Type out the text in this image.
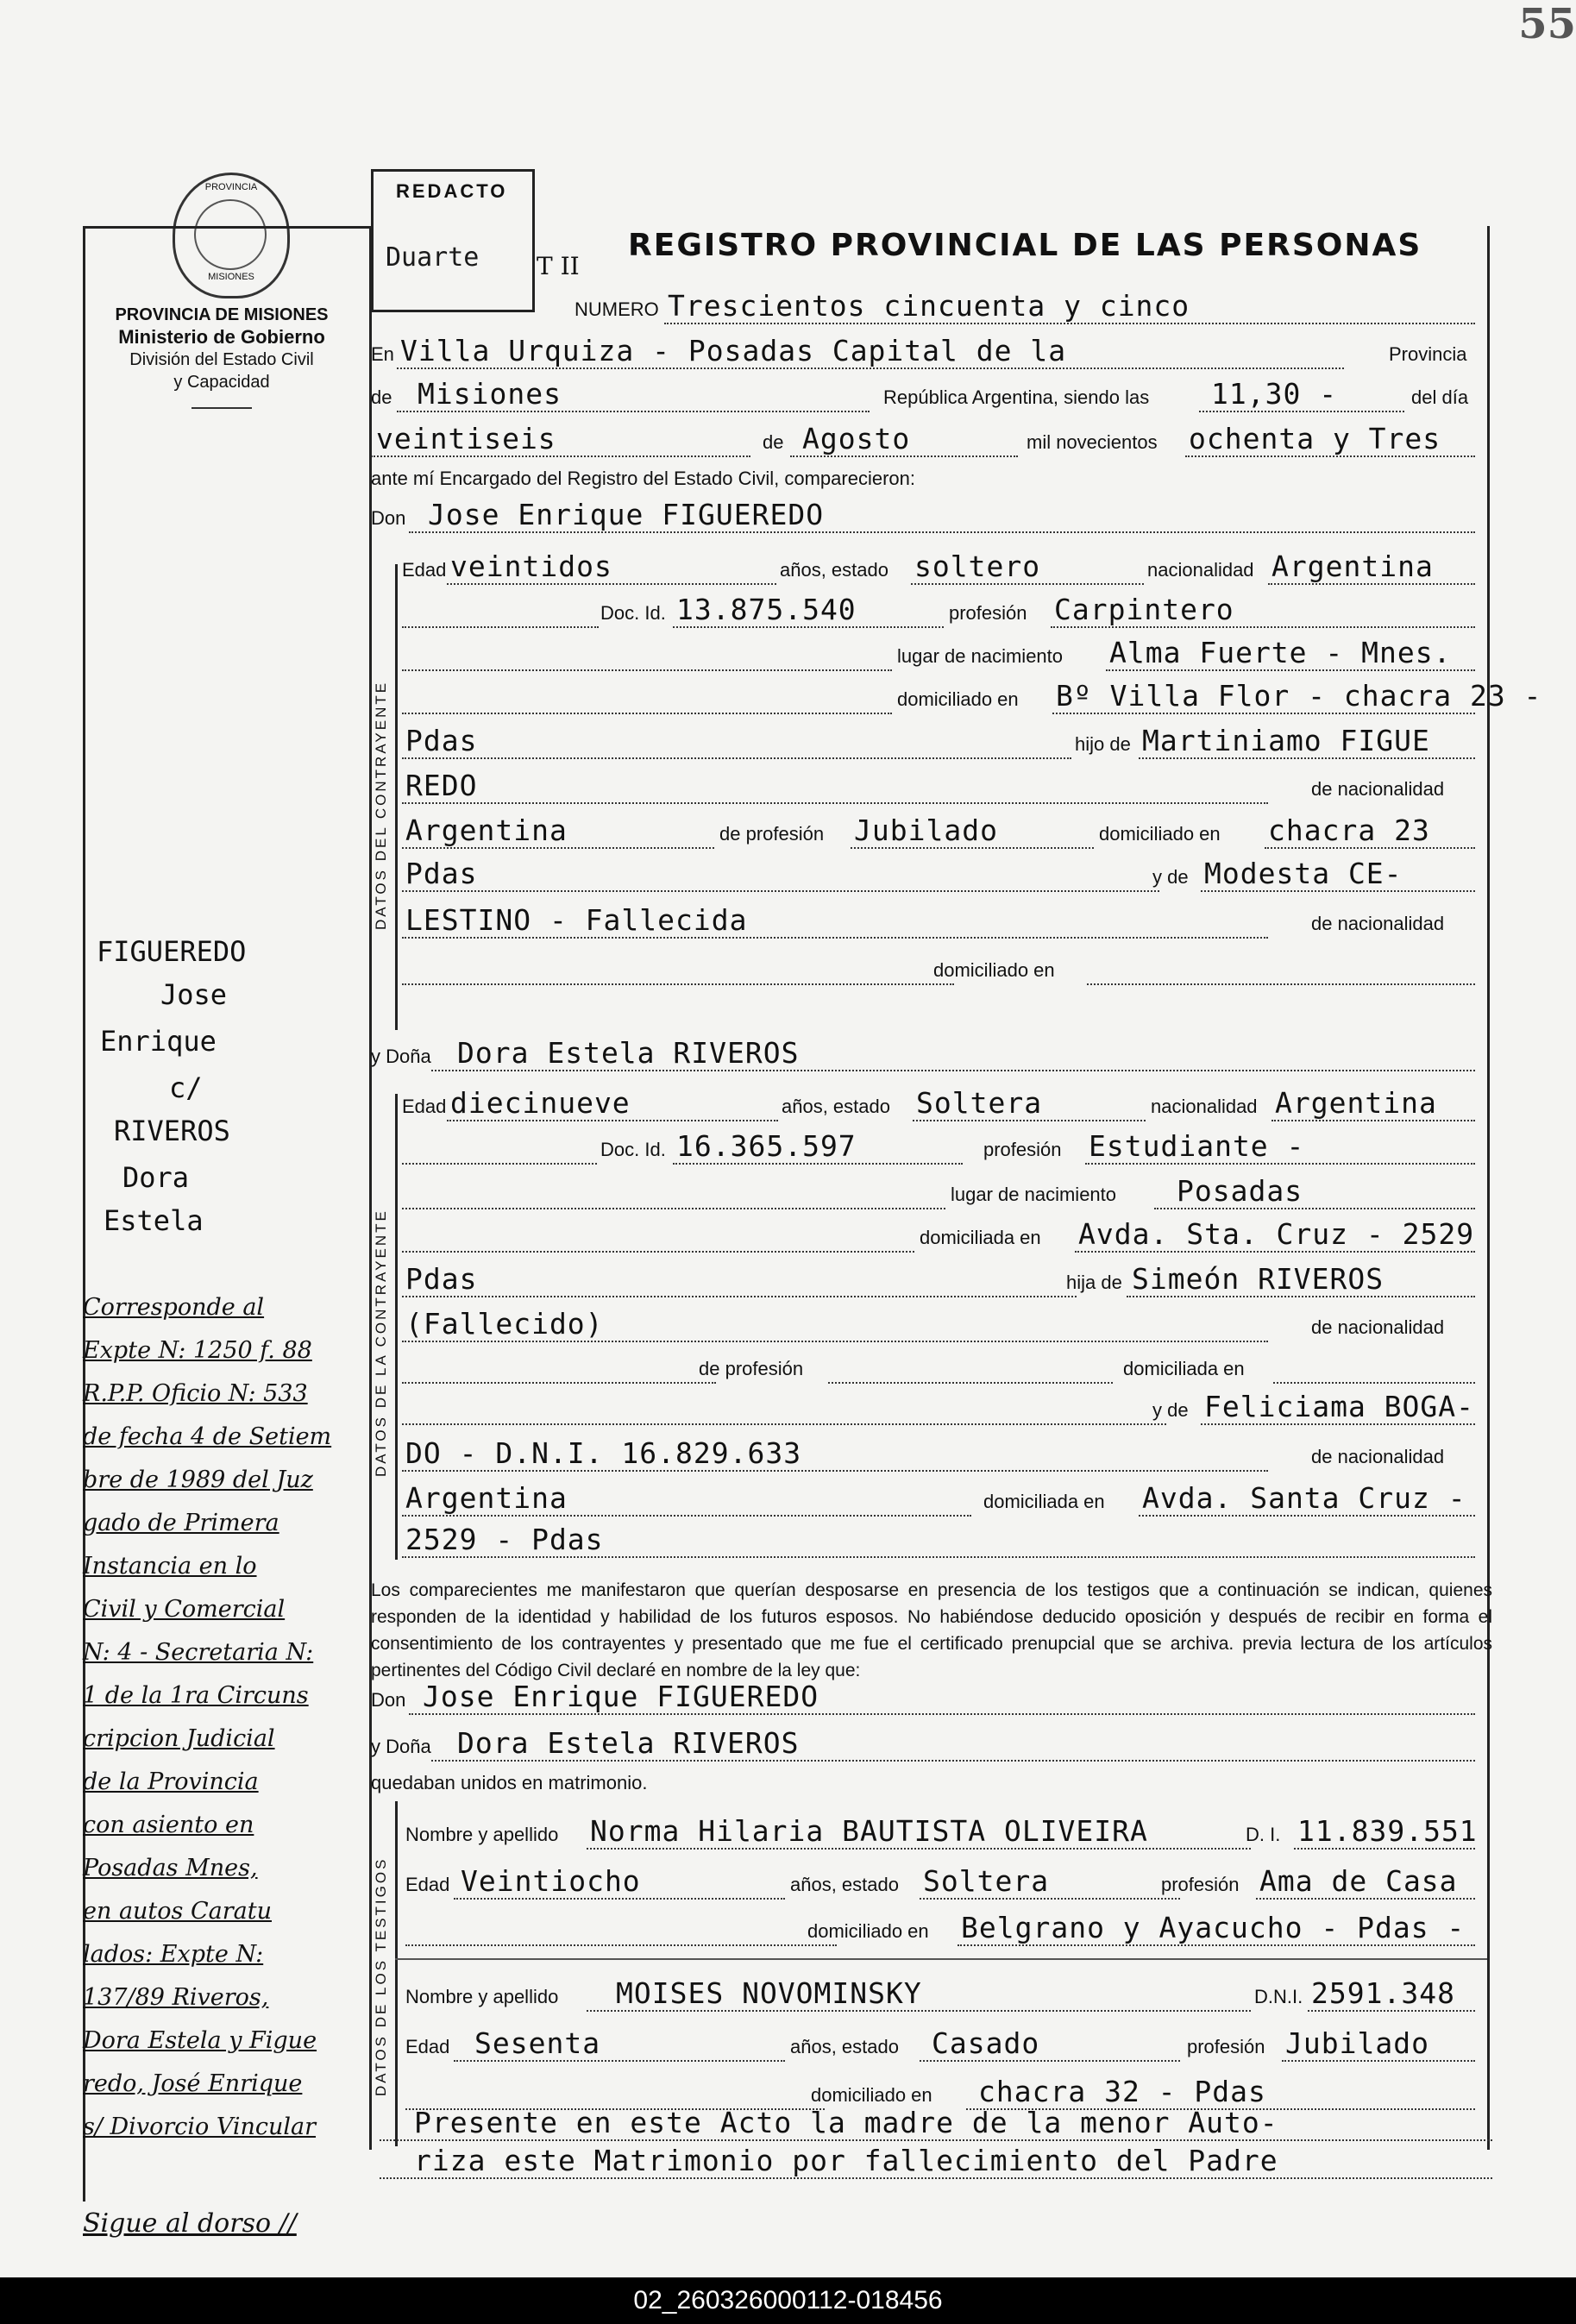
55
PROVINCIA
MISIONES
PROVINCIA DE MISIONES
Ministerio de Gobierno
División del Estado Civil
y Capacidad
REDACTO
Duarte T II
REGISTRO PROVINCIAL DE LAS PERSONAS
NUMERO Trescientos cincuenta y cinco
En Villa Urquiza - Posadas Capital de la	Provincia
de Misiones	República Argentina, siendo las 11,30 -	del día
veintiseis	de Agosto	mil novecientos ochenta y Tres
ante mí Encargado del Registro del Estado Civil, comparecieron:
Don Jose Enrique FIGUEREDO
DATOS DEL CONTRAYENTE
Edad veintidos	años, estado soltero	nacionalidad Argentina
Doc. Id. 13.875.540	profesión Carpintero
lugar de nacimiento Alma Fuerte - Mnes.
domiciliado en Bº Villa Flor - chacra 23 -
Pdas	hijo de Martiniamo FIGUE
REDO	de nacionalidad
Argentina	de profesión Jubilado	domiciliado en chacra 23
Pdas	y de Modesta CE-
LESTINO - Fallecida	de nacionalidad
domiciliado en
y Doña Dora Estela RIVEROS
DATOS DE LA CONTRAYENTE
Edad diecinueve	años, estado Soltera	nacionalidad Argentina
Doc. Id. 16.365.597	profesión Estudiante -
lugar de nacimiento Posadas
domiciliada en Avda. Sta. Cruz - 2529
Pdas	hija de Simeón RIVEROS
(Fallecido)	de nacionalidad
de profesión	domiciliada en
y de Feliciama BOGA-
DO - D.N.I. 16.829.633	de nacionalidad
Argentina	domiciliada en Avda. Santa Cruz -
2529 - Pdas
Los comparecientes me manifestaron que querían desposarse en presencia de los testigos que a continuación se indican, quienes responden de la identidad y habilidad de los futuros esposos. No habiéndose deducido oposición y después de recibir en forma el consentimiento de los contrayentes y presentado que me fue el certificado prenupcial que se archiva. previa lectura de los artículos pertinentes del Código Civil declaré en nombre de la ley que:
Don Jose Enrique FIGUEREDO
y Doña Dora Estela RIVEROS
quedaban unidos en matrimonio.
DATOS DE LOS TESTIGOS
Nombre y apellido Norma Hilaria BAUTISTA OLIVEIRA	D. I. 11.839.551
Edad Veintiocho	años, estado Soltera	profesión Ama de Casa
domiciliado en Belgrano y Ayacucho - Pdas -
Nombre y apellido MOISES NOVOMINSKY	D.N.I. 2591.348
Edad Sesenta	años, estado Casado	profesión Jubilado
domiciliado en chacra 32 - Pdas
Presente en este Acto la madre de la menor Auto-
riza este Matrimonio por fallecimiento del Padre
FIGUEREDO
Jose
Enrique
c/
RIVEROS
Dora
Estela
Corresponde al
Expte N: 1250 f. 88
R.P.P. Oficio N: 533
de fecha 4 de Setiem
bre de 1989 del Juz
gado de Primera
Instancia en lo
Civil y Comercial
N: 4 - Secretaria N:
1 de la 1ra Circuns
cripcion Judicial
de la Provincia
con asiento en
Posadas Mnes,
en autos Caratu
lados: Expte N:
137/89 Riveros,
Dora Estela y Figue
redo, José Enrique
s/ Divorcio Vincular
Sigue al dorso //
02_260326000112-018456
